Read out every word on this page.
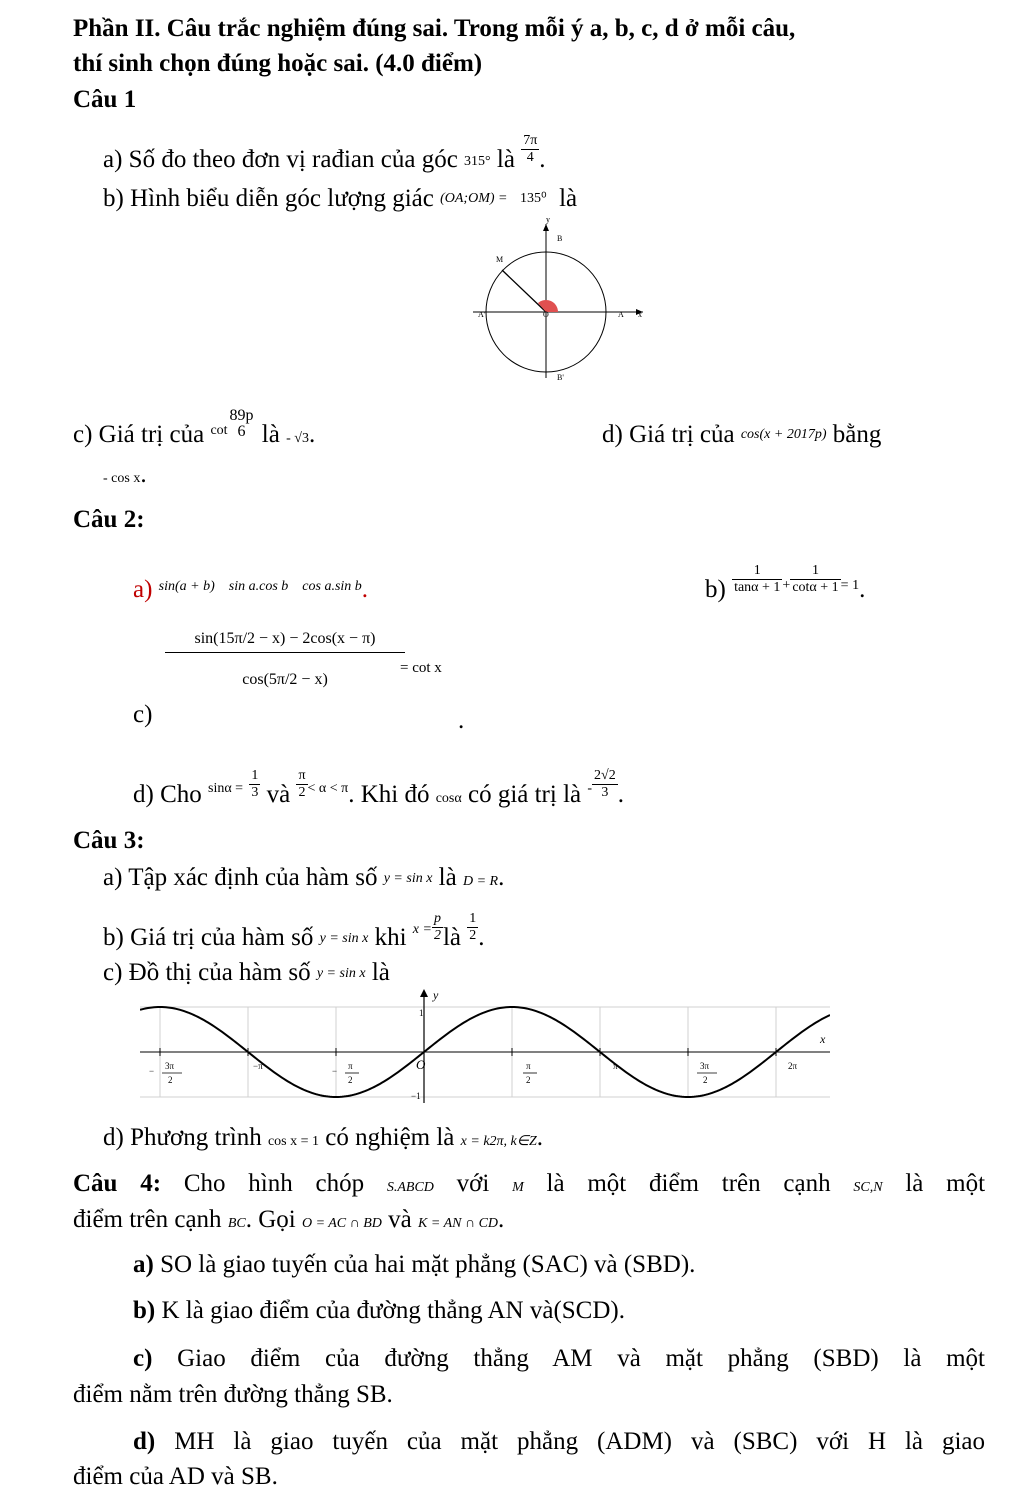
Phần II. Câu trắc nghiệm đúng sai. Trong mỗi ý a, b, c, d ở mỗi câu,
thí sinh chọn đúng hoặc sai. (4.0 điểm)
Câu 1
a) Số đo theo đơn vị rađian của góc 315° là $\frac{7\pi}{4}$ .
b) Hình biểu diễn góc lượng giác (OA;OM) = 135⁰ là
y
B
M
A'	O	A x
B'
c) Giá trị của $^{cot}$
89p
6 là - √3.	d) Giá trị của cos(x + 2017p) bằng
- cos x.
Câu 2:
a) $^{sin(a + b) sin a.cos b cos a.sin b}$.	$b) \frac{1}{\tan\alpha + 1} ^+ \frac{1}{\cot\alpha + 1} ^{= 1}$.
c)
sin(15π/2 − x) − 2cos(x − π)
cos(5π/2 − x)
= cot x
.
d) Cho $^{sin\alpha =} \frac{1}{3}$ và $\frac{\pi}{2} ^{< \alpha < \pi}$. Khi đó cosα có giá trị là $^- \frac{2√2}{3}$ .
Câu 3:
a) Tập xác định của hàm số y = sin x là D = R.
b) Giá trị của hàm số y = sin x khi $^{x =} \frac{p}{2}$ là $\frac{1}{2}$ .
c) Đồ thị của hàm số y = sin x là
y
x
O
1
−1
− 3π
2
−π	− π
2
π
2
π	3π
2
2π
d) Phương trình cos x = 1 có nghiệm là x = k2π, k∈Z.
Câu 4: Cho hình chóp S.ABCD với M là một điểm trên cạnh SC,N là một
điểm trên cạnh BC. Gọi O = AC ∩ BD và K = AN ∩ CD.
a) SO là giao tuyến của hai mặt phẳng (SAC) và (SBD).
b) K là giao điểm của đường thẳng AN và(SCD).
c) Giao điểm của đường thẳng AM và mặt phẳng (SBD) là một
điểm nằm trên đường thẳng SB.
d) MH là giao tuyến của mặt phẳng (ADM) và (SBC) với H là giao
điểm của AD và SB.
